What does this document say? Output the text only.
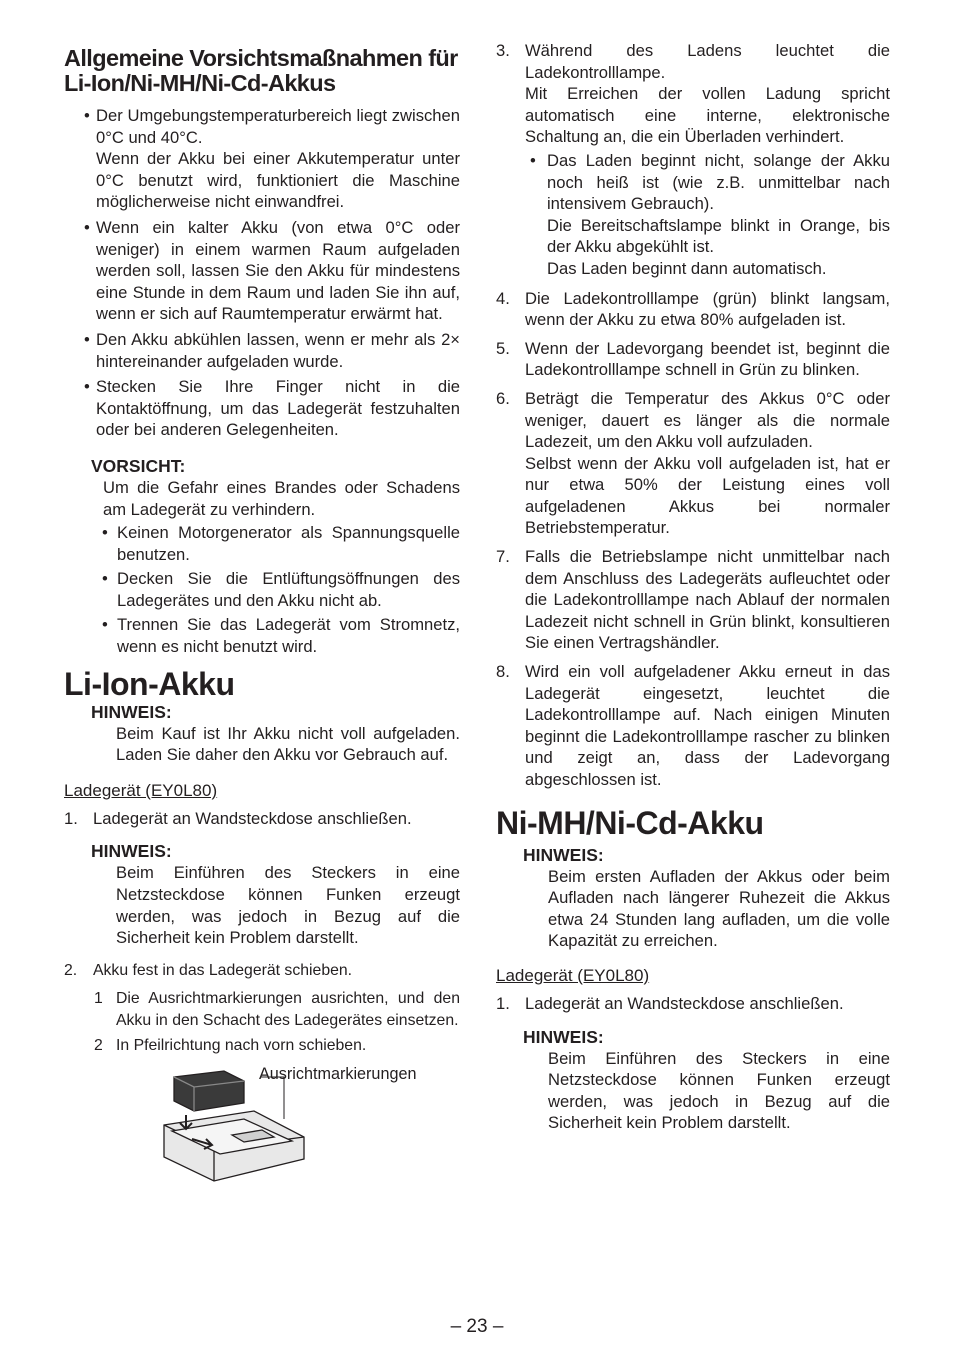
Allgemeine Vorsichtsmaßnahmen für Li-Ion/Ni-MH/Ni-Cd-Akkus

• Der Umgebungstemperaturbereich liegt zwischen 0°C und 40°C.
Wenn der Akku bei einer Akkutemperatur unter 0°C benutzt wird, funktioniert die Maschine möglicherweise nicht einwandfrei.

• Wenn ein kalter Akku (von etwa 0°C oder weniger) in einem warmen Raum aufgeladen werden soll, lassen Sie den Akku für mindestens eine Stunde in dem Raum und laden Sie ihn auf, wenn er sich auf Raumtemperatur erwärmt hat.

• Den Akku abkühlen lassen, wenn er mehr als 2× hintereinander aufgeladen wurde.

• Stecken Sie Ihre Finger nicht in die Kontaktöffnung, um das Ladegerät festzuhalten oder bei anderen Gelegenheiten.

VORSICHT:

Um die Gefahr eines Brandes oder Schadens am Ladegerät zu verhindern.

• Keinen Motorgenerator als Spannungsquelle benutzen.

• Decken Sie die Entlüftungsöffnungen des Ladegerätes und den Akku nicht ab.

• Trennen Sie das Ladegerät vom Stromnetz, wenn es nicht benutzt wird.

Li-Ion-Akku

HINWEIS:

Beim Kauf ist Ihr Akku nicht voll aufgeladen. Laden Sie daher den Akku vor Gebrauch auf.

Ladegerät (EY0L80)

1. Ladegerät an Wandsteckdose anschließen.

HINWEIS:

Beim Einführen des Steckers in eine Netzsteckdose können Funken erzeugt werden, was jedoch in Bezug auf die Sicherheit kein Problem darstellt.

2. Akku fest in das Ladegerät schieben.

1 Die Ausrichtmarkierungen ausrichten, und den Akku in den Schacht des Ladegerätes einsetzen.

2 In Pfeilrichtung nach vorn schieben.

Ausrichtmarkierungen

3. Während des Ladens leuchtet die Ladekontrolllampe.
Mit Erreichen der vollen Ladung spricht automatisch eine interne, elektronische Schaltung an, die ein Überladen verhindert.

• Das Laden beginnt nicht, solange der Akku noch heiß ist (wie z.B. unmittelbar nach intensivem Gebrauch).
Die Bereitschaftslampe blinkt in Orange, bis der Akku abgekühlt ist.
Das Laden beginnt dann automatisch.

4. Die Ladekontrolllampe (grün) blinkt langsam, wenn der Akku zu etwa 80% aufgeladen ist.

5. Wenn der Ladevorgang beendet ist, beginnt die Ladekontrolllampe schnell in Grün zu blinken.

6. Beträgt die Temperatur des Akkus 0°C oder weniger, dauert es länger als die normale Ladezeit, um den Akku voll aufzuladen.
Selbst wenn der Akku voll aufgeladen ist, hat er nur etwa 50% der Leistung eines voll aufgeladenen Akkus bei normaler Betriebstemperatur.

7. Falls die Betriebslampe nicht unmittelbar nach dem Anschluss des Ladegeräts aufleuchtet oder die Ladekontrolllampe nach Ablauf der normalen Ladezeit nicht schnell in Grün blinkt, konsultieren Sie einen Vertragshändler.

8. Wird ein voll aufgeladener Akku erneut in das Ladegerät eingesetzt, leuchtet die Ladekontrolllampe auf. Nach einigen Minuten beginnt die Ladekontrolllampe rascher zu blinken und zeigt an, dass der Ladevorgang abgeschlossen ist.

Ni-MH/Ni-Cd-Akku

HINWEIS:

Beim ersten Aufladen der Akkus oder beim Aufladen nach längerer Ruhezeit die Akkus etwa 24 Stunden lang aufladen, um die volle Kapazität zu erreichen.

Ladegerät (EY0L80)

1. Ladegerät an Wandsteckdose anschließen.

HINWEIS:

Beim Einführen des Steckers in eine Netzsteckdose können Funken erzeugt werden, was jedoch in Bezug auf die Sicherheit kein Problem darstellt.

– 23 –
